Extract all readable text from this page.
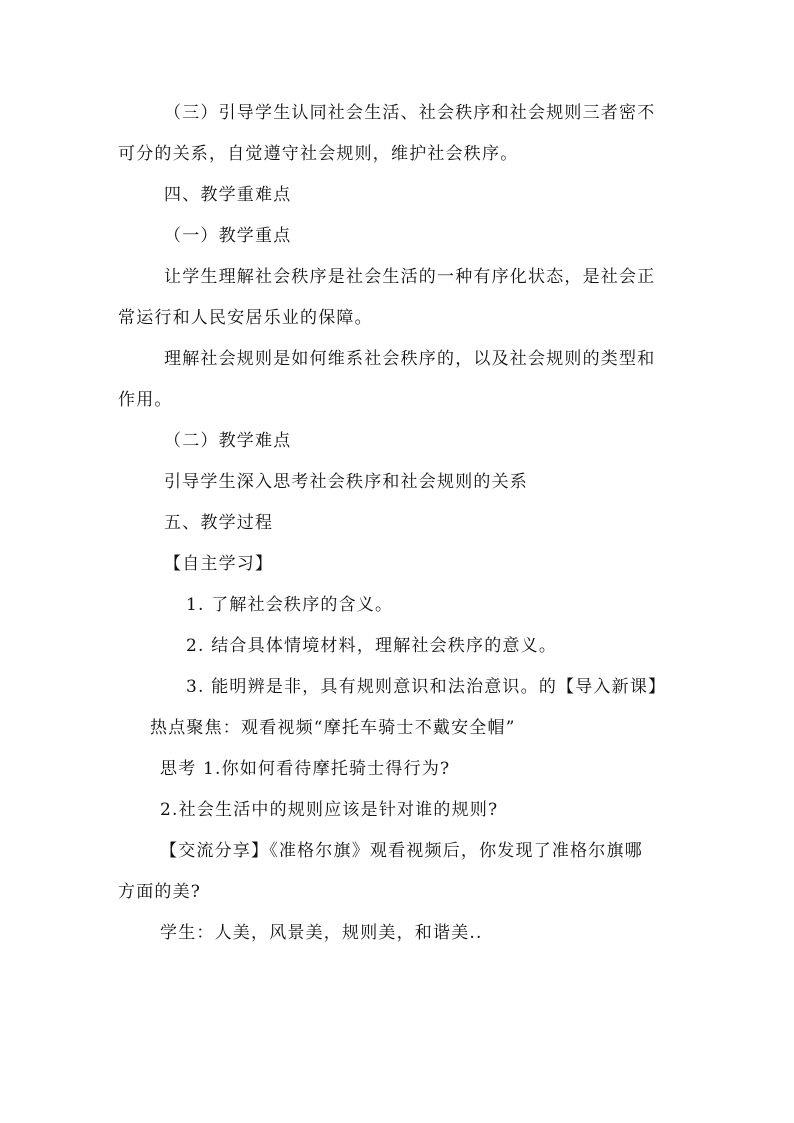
（三）引导学生认同社会生活、社会秩序和社会规则三者密不
可分的关系，自觉遵守社会规则，维护社会秩序。
四、教学重难点
（一）教学重点
让学生理解社会秩序是社会生活的一种有序化状态，是社会正
常运行和人民安居乐业的保障。
理解社会规则是如何维系社会秩序的，以及社会规则的类型和
作用。
（二）教学难点
引导学生深入思考社会秩序和社会规则的关系
五、教学过程
【自主学习】
1. 了解社会秩序的含义。
2. 结合具体情境材料，理解社会秩序的意义。
3. 能明辨是非，具有规则意识和法治意识。的【导入新课】
热点聚焦：观看视频“摩托车骑士不戴安全帽”
思考 1.你如何看待摩托骑士得行为?
2.社会生活中的规则应该是针对谁的规则?
【交流分享】《准格尔旗》观看视频后，你发现了准格尔旗哪
方面的美?
学生：人美，风景美，规则美，和谐美..
